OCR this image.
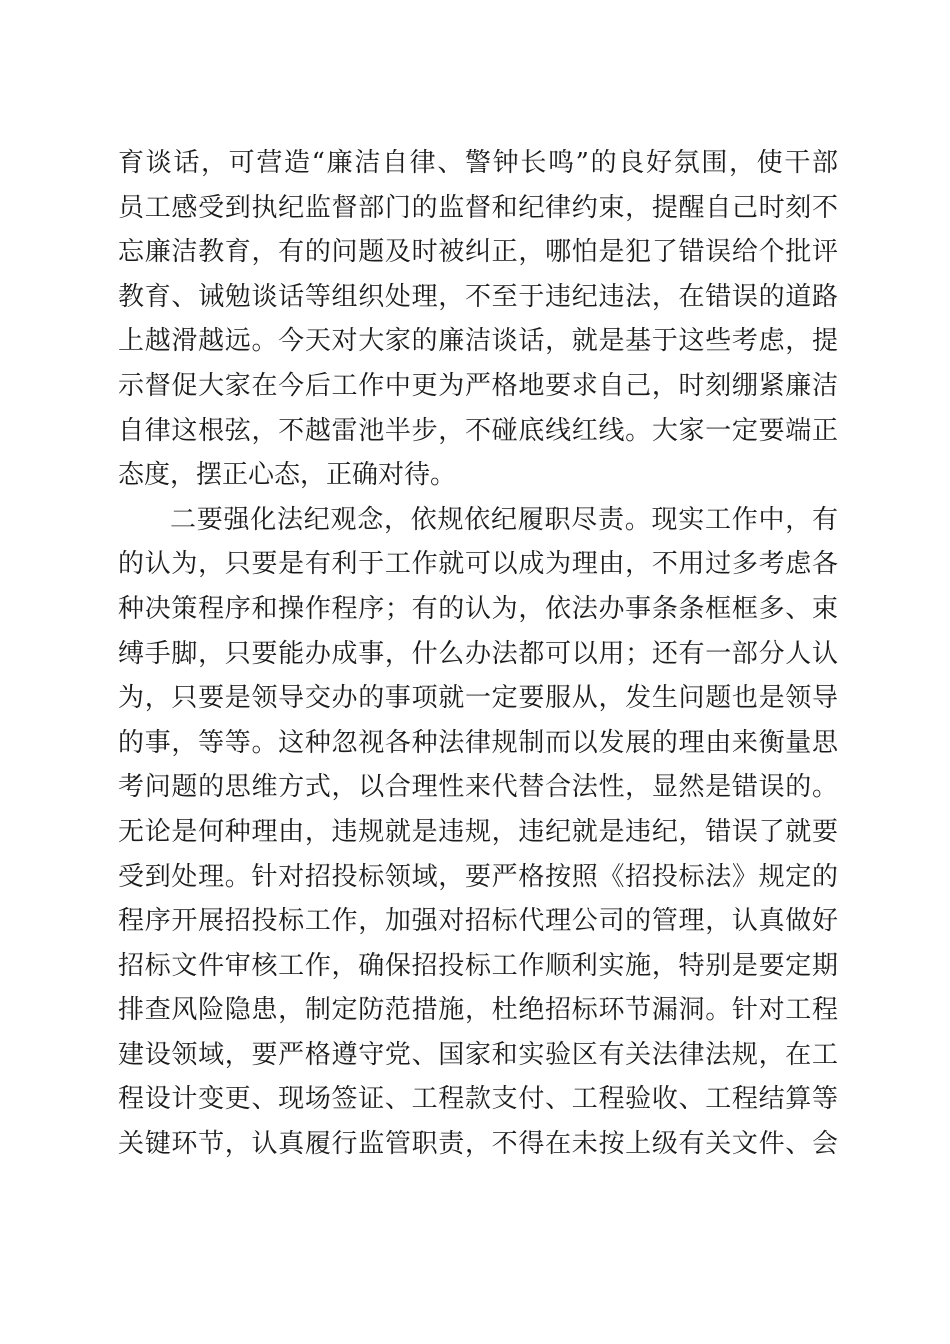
育谈话，可营造“廉洁自律、警钟长鸣”的良好氛围，使干部
员工感受到执纪监督部门的监督和纪律约束，提醒自己时刻不
忘廉洁教育，有的问题及时被纠正，哪怕是犯了错误给个批评
教育、诫勉谈话等组织处理，不至于违纪违法，在错误的道路
上越滑越远。今天对大家的廉洁谈话，就是基于这些考虑，提
示督促大家在今后工作中更为严格地要求自己，时刻绷紧廉洁
自律这根弦，不越雷池半步，不碰底线红线。大家一定要端正
态度，摆正心态，正确对待。
二要强化法纪观念，依规依纪履职尽责。现实工作中，有
的认为，只要是有利于工作就可以成为理由，不用过多考虑各
种决策程序和操作程序；有的认为，依法办事条条框框多、束
缚手脚，只要能办成事，什么办法都可以用；还有一部分人认
为，只要是领导交办的事项就一定要服从，发生问题也是领导
的事，等等。这种忽视各种法律规制而以发展的理由来衡量思
考问题的思维方式，以合理性来代替合法性，显然是错误的。
无论是何种理由，违规就是违规，违纪就是违纪，错误了就要
受到处理。针对招投标领域，要严格按照《招投标法》规定的
程序开展招投标工作，加强对招标代理公司的管理，认真做好
招标文件审核工作，确保招投标工作顺利实施，特别是要定期
排查风险隐患，制定防范措施，杜绝招标环节漏洞。针对工程
建设领域，要严格遵守党、国家和实验区有关法律法规，在工
程设计变更、现场签证、工程款支付、工程验收、工程结算等
关键环节，认真履行监管职责，不得在未按上级有关文件、会
